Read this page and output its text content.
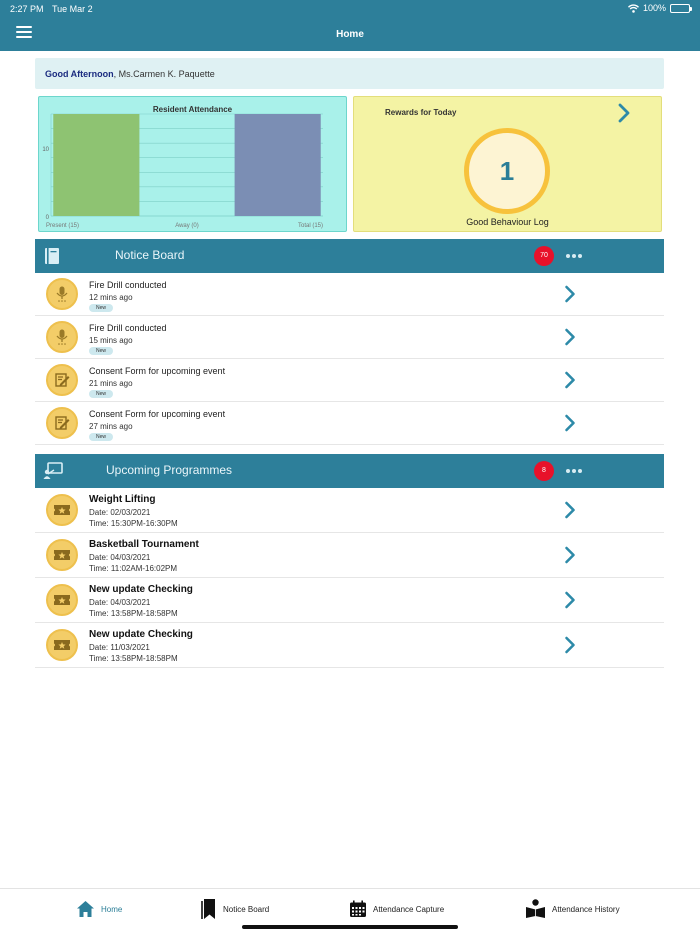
2:27 PM Tue Mar 2	100%
Home
Good Afternoon, Ms.Carmen K. Paquette
0
10
Present (15)	Away (0)	Total (15)
Resident Attendance	Rewards for Today
1
Good Behaviour Log
Notice Board	70
Fire Drill conducted
12 mins ago
New
Fire Drill conducted
15 mins ago
New
Consent Form for upcoming event
21 mins ago
New
Consent Form for upcoming event
27 mins ago
New
Upcoming Programmes	8
Weight Lifting
Date: 02/03/2021
Time: 15:30PM-16:30PM
Basketball Tournament
Date: 04/03/2021
Time: 11:02AM-16:02PM
New update Checking
Date: 04/03/2021
Time: 13:58PM-18:58PM
New update Checking
Date: 11/03/2021
Time: 13:58PM-18:58PM
Home	Notice Board	Attendance Capture	Attendance History
